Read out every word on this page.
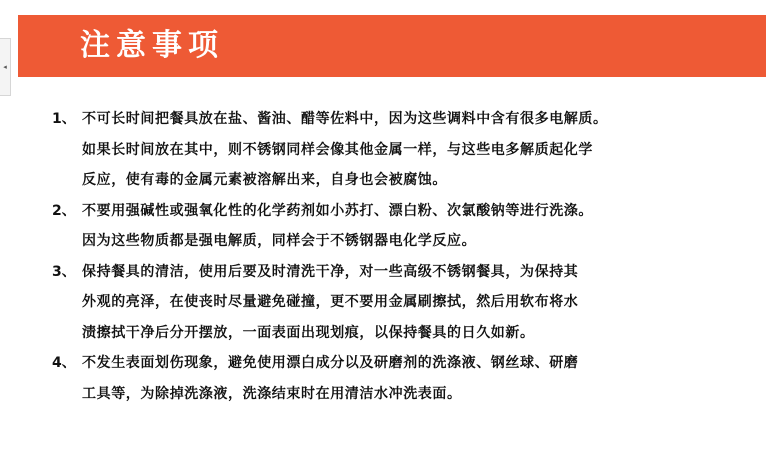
◂
注意事项
1、 不可长时间把餐具放在盐、酱油、醋等佐料中，因为这些调料中含有很多电解质。
如果长时间放在其中，则不锈钢同样会像其他金属一样，与这些电多解质起化学
反应，使有毒的金属元素被溶解出来，自身也会被腐蚀。
2、 不要用强碱性或强氧化性的化学药剂如小苏打、漂白粉、次氯酸钠等进行洗涤。
因为这些物质都是强电解质，同样会于不锈钢器电化学反应。
3、 保持餐具的清洁，使用后要及时清洗干净，对一些高级不锈钢餐具，为保持其
外观的亮泽，在使丧时尽量避免碰撞，更不要用金属刷擦拭，然后用软布将水
渍擦拭干净后分开摆放，一面表面出现划痕，以保持餐具的日久如新。
4、 不发生表面划伤现象，避免使用漂白成分以及研磨剂的洗涤液、钢丝球、研磨
工具等，为除掉洗涤液，洗涤结束时在用清洁水冲洗表面。
